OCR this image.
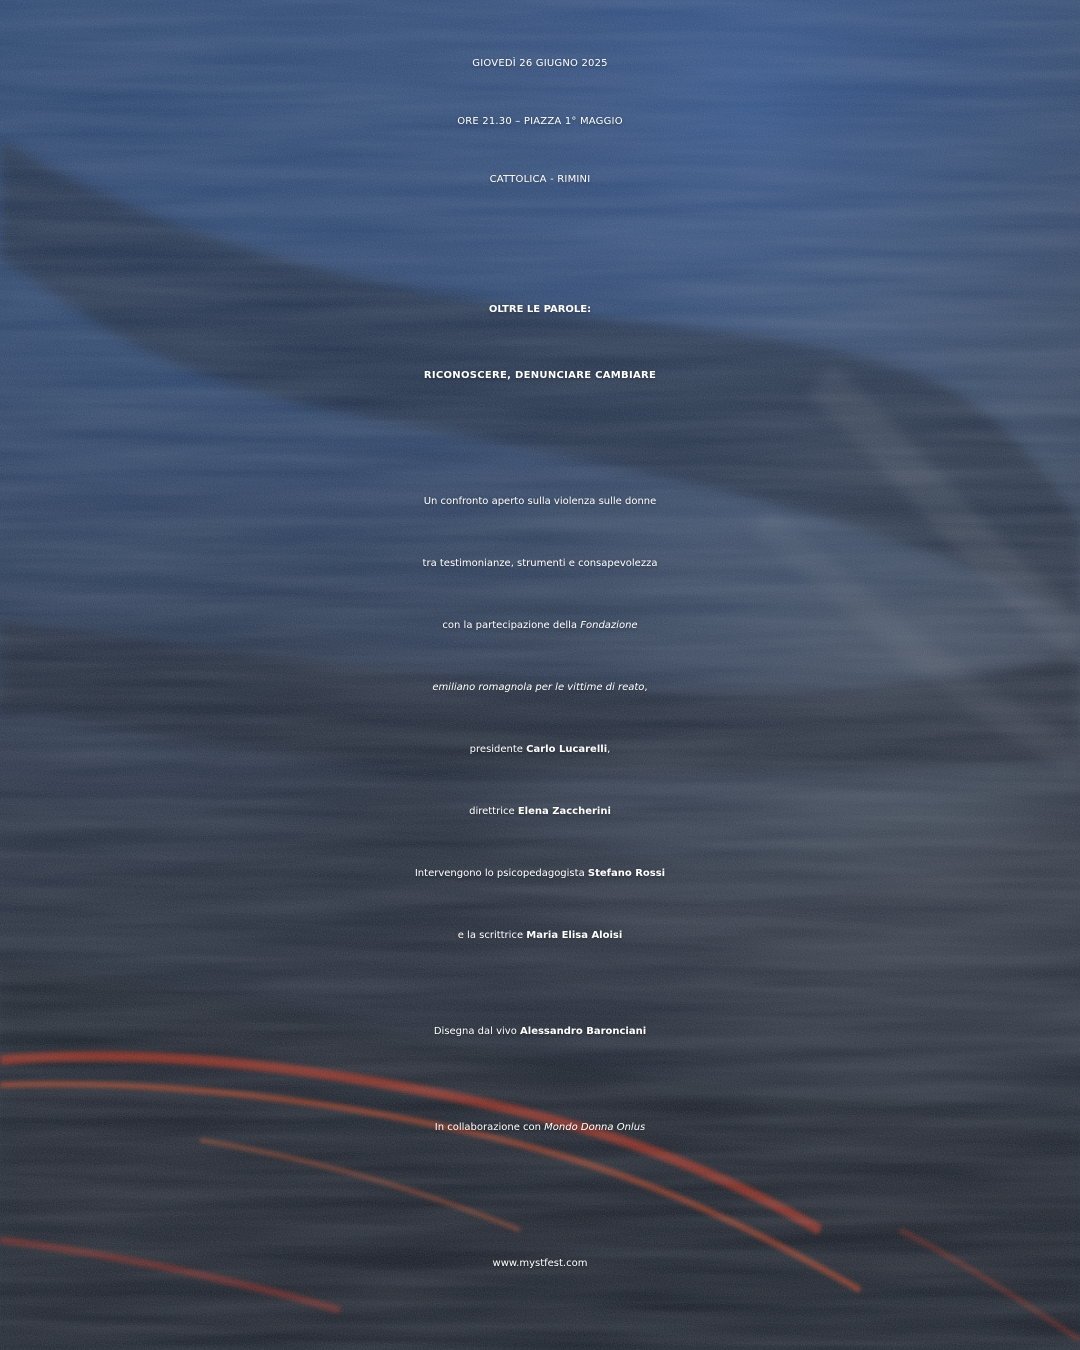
GIOVEDÌ 26 GIUGNO 2025
ORE 21.30 – PIAZZA 1° MAGGIO
CATTOLICA - RIMINI
OLTRE LE PAROLE:
RICONOSCERE, DENUNCIARE CAMBIARE
Un confronto aperto sulla violenza sulle donne
tra testimonianze, strumenti e consapevolezza
con la partecipazione della Fondazione
emiliano romagnola per le vittime di reato,
presidente Carlo Lucarelli,
direttrice Elena Zaccherini
Intervengono lo psicopedagogista Stefano Rossi
e la scrittrice Maria Elisa Aloisi
Disegna dal vivo Alessandro Baronciani
In collaborazione con Mondo Donna Onlus
www.mystfest.com
